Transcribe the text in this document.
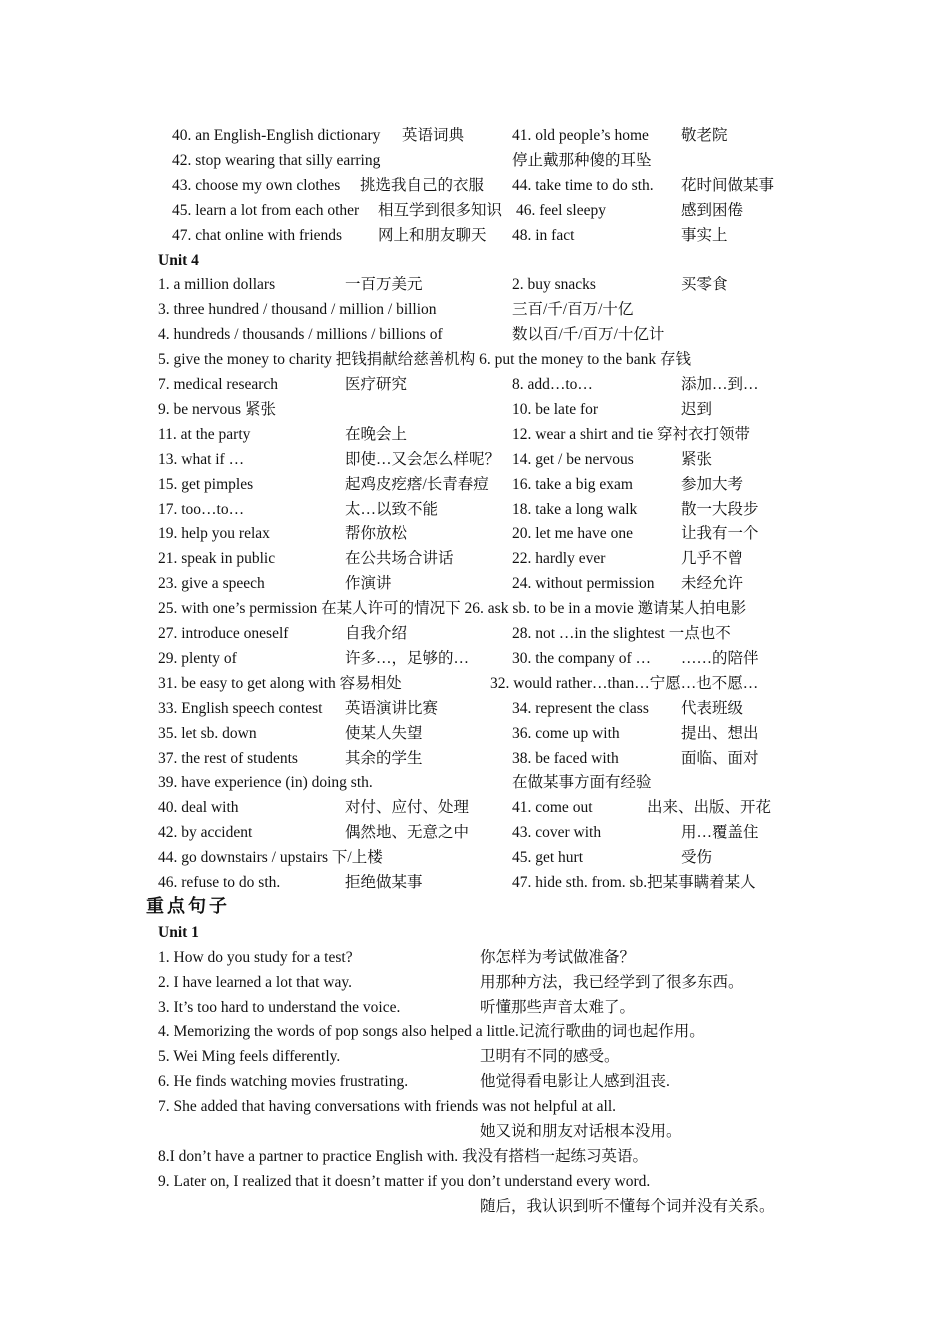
40. an English-English dictionary 英语词典	41. old people’s home 敬老院
42. stop wearing that silly earring	停止戴那种傻的耳坠
43. choose my own clothes 挑选我自己的衣服 44. take time to do sth. 花时间做某事
45. learn a lot from each other 相互学到很多知识 46. feel sleepy	感到困倦
47. chat online with friends 网上和朋友聊天 48. in fact	事实上
Unit 4
1. a million dollars	一百万美元	2. buy snacks	买零食
3. three hundred / thousand / million / billion	三百/千/百万/十亿
4. hundreds / thousands / millions / billions of	数以百/千/百万/十亿计
5. give the money to charity 把钱捐献给慈善机构 6. put the money to the bank 存钱
7. medical research	医疗研究	8. add…to…	添加…到…
9. be nervous 紧张	10. be late for	迟到
11. at the party	在晚会上	12. wear a shirt and tie 穿衬衣打领带
13. what if …	即使…又会怎么样呢？ 14. get / be nervous	紧张
15. get pimples	起鸡皮疙瘩/长青春痘 16. take a big exam	参加大考
17. too…to…	太…以致不能	18. take a long walk	散一大段步
19. help you relax	帮你放松	20. let me have one	让我有一个
21. speak in public	在公共场合讲话	22. hardly ever	几乎不曾
23. give a speech	作演讲	24. without permission 未经允许
25. with one’s permission 在某人许可的情况下 26. ask sb. to be in a movie 邀请某人拍电影
27. introduce oneself	自我介绍	28. not …in the slightest 一点也不
29. plenty of	许多…，足够的…	30. the company of … ……的陪伴
31. be easy to get along with 容易相处	32. would rather…than…宁愿…也不愿…
33. English speech contest 英语演讲比赛	34. represent the class 代表班级
35. let sb. down	使某人失望	36. come up with	提出、想出
37. the rest of students	其余的学生	38. be faced with	面临、面对
39. have experience (in) doing sth.	在做某事方面有经验
40. deal with	对付、应付、处理	41. come out	出来、出版、开花
42. by accident	偶然地、无意之中	43. cover with	用…覆盖住
44. go downstairs / upstairs 下/上楼	45. get hurt	受伤
46. refuse to do sth.	拒绝做某事	47. hide sth. from. sb.把某事瞒着某人
重点句子
Unit 1
1. How do you study for a test?	你怎样为考试做准备？
2. I have learned a lot that way.	用那种方法，我已经学到了很多东西。
3. It’s too hard to understand the voice.	听懂那些声音太难了。
4. Memorizing the words of pop songs also helped a little.记流行歌曲的词也起作用。
5. Wei Ming feels differently.	卫明有不同的感受。
6. He finds watching movies frustrating.	他觉得看电影让人感到沮丧.
7. She added that having conversations with friends was not helpful at all.
她又说和朋友对话根本没用。
8.I don’t have a partner to practice English with. 我没有搭档一起练习英语。
9. Later on, I realized that it doesn’t matter if you don’t understand every word.
随后，我认识到听不懂每个词并没有关系。
